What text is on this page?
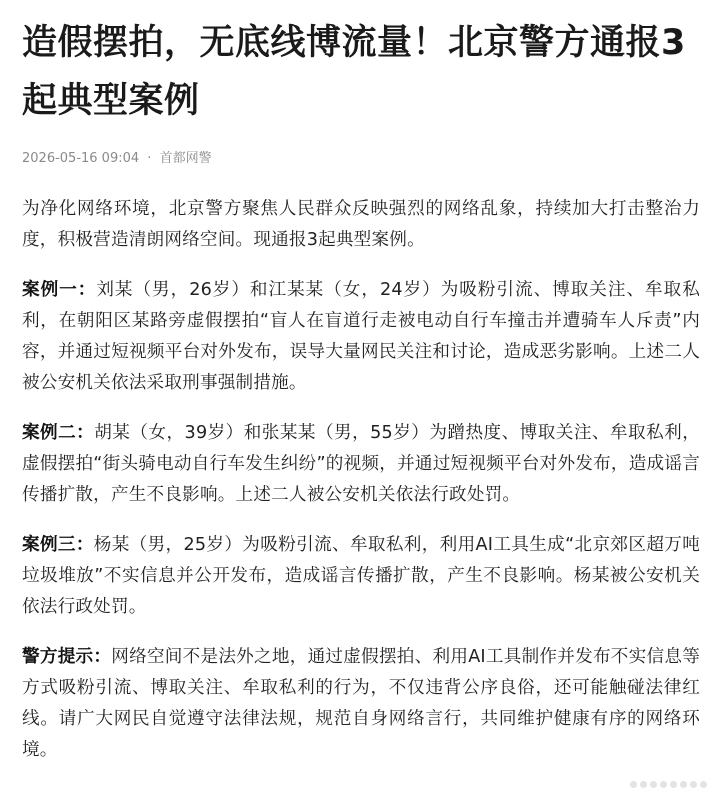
造假摆拍，无底线博流量！北京警方通报3起典型案例
2026-05-16 09:04 · 首都网警

为净化网络环境，北京警方聚焦人民群众反映强烈的网络乱象，持续加大打击整治力度，积极营造清朗网络空间。现通报3起典型案例。

案例一：刘某（男，26岁）和江某某（女，24岁）为吸粉引流、博取关注、牟取私利，在朝阳区某路旁虚假摆拍“盲人在盲道行走被电动自行车撞击并遭骑车人斥责”内容，并通过短视频平台对外发布，误导大量网民关注和讨论，造成恶劣影响。上述二人被公安机关依法采取刑事强制措施。

案例二：胡某（女，39岁）和张某某（男，55岁）为蹭热度、博取关注、牟取私利，虚假摆拍“街头骑电动自行车发生纠纷”的视频，并通过短视频平台对外发布，造成谣言传播扩散，产生不良影响。上述二人被公安机关依法行政处罚。

案例三：杨某（男，25岁）为吸粉引流、牟取私利，利用AI工具生成“北京郊区超万吨垃圾堆放”不实信息并公开发布，造成谣言传播扩散，产生不良影响。杨某被公安机关依法行政处罚。

警方提示：网络空间不是法外之地，通过虚假摆拍、利用AI工具制作并发布不实信息等方式吸粉引流、博取关注、牟取私利的行为，不仅违背公序良俗，还可能触碰法律红线。请广大网民自觉遵守法律法规，规范自身网络言行，共同维护健康有序的网络环境。
